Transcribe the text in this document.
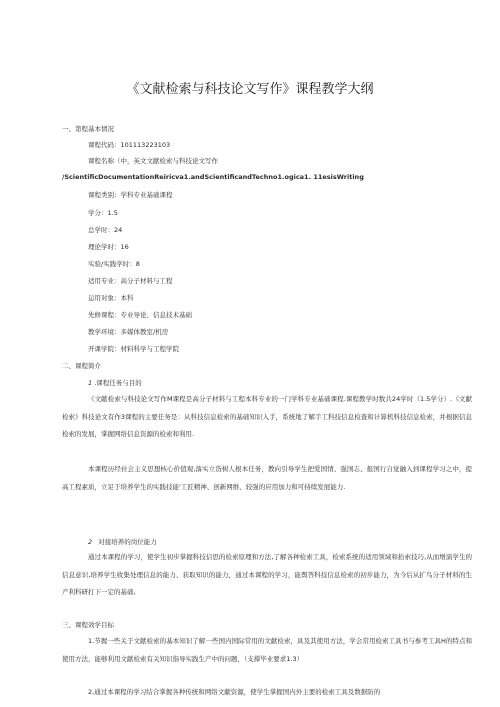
《文献检索与科技论文写作》课程教学大纲
一、第程基本情况
课程代码：101113223103
课程名称（中，英文文献检索与科技论文写作
/ScientificDocumentationReiricva1.andScientificandTechno1.ogica1. 11esisWriting
课程类别：学科专业基础课程
学分：1.5
总学时：24
理论学时：16
实验/实践学时：8
适用专业：高分子材料与工程
运用对象：本科
先修课程：专业导论、信息技术基础
教学环境：多媒体教室/机房
开课学院：材料科学与工程学院
二、课程简介
1 .课程任务与目的
《文献检索与科技论文写作M课程是高分子材料与工程本科专业的一门学科专业基础课程.课程教学时数共24学时（1.5学分）.《文献检索》科技论文有作3课程的主要任务是：从科技信息检索的基础知识入手，系统地了解手工科技信息检査和计算机科技信息检索，并根据信息检索的发展，掌握网络信息资源的检索和利用.
本课程历经社会主义思想核心价值观,落实立货树人根本任务，教向引导学生把爱国情、强国志、报国行自觉融入到课程学习之中，提高工程素质，立足于培养学生的实践技能'工匠精神、创新网维、较强的应用加力和可持续发展能力.
2 对接培养的岗位能力
通过本课程的学习，使学生初步掌握科技信思的检索原理和方法,了解各种检索工具，检索系统的适用领域和抬索技巧,从而增演学生的信息意识,培养学生收集处理信息的能力、获取知识的能力，通过本课程的学习，能舆答科技信息检索的初步能力，为今后从扩鸟分子材料的生产利科研打下一定的基础,
三、课程效学目标
1.节握一些关于文献检索的基本知识了解一些国内国际常用的文献检索，具及其使用方法，学会常用检索工具书与参考工具H的特点和使用方法，能够利用文献检索有关知识指导实践生产中的问题，（支撑毕业要求1.3）
2,通过本课程的学习结合掌握各种传统和网络文献资源，使学生掌握国内外主要的检索工具及数据防的
